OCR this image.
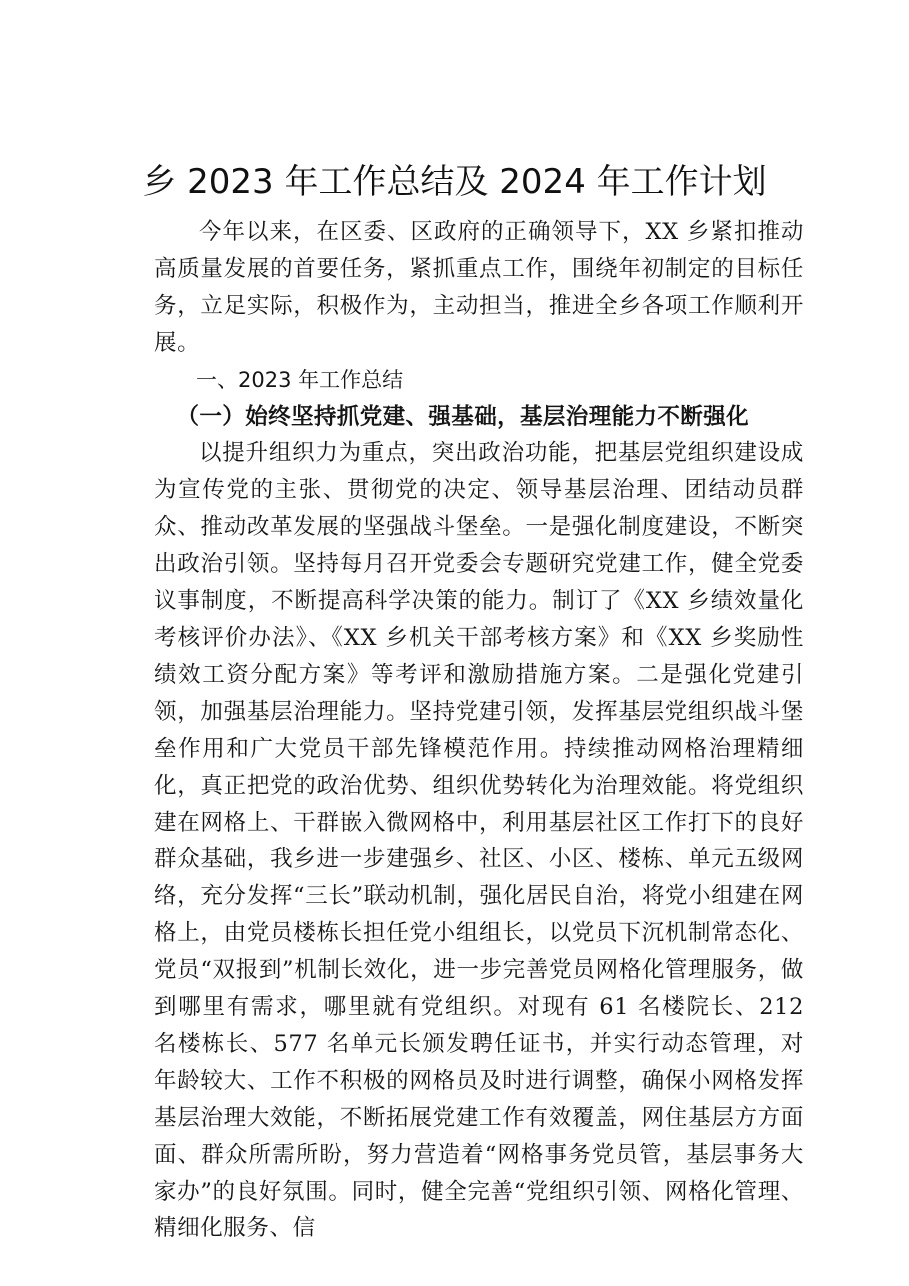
乡 2023 年工作总结及 2024 年工作计划

今年以来，在区委、区政府的正确领导下，XX 乡紧扣推动高质量发展的首要任务，紧抓重点工作，围绕年初制定的目标任务，立足实际，积极作为，主动担当，推进全乡各项工作顺利开展。

一、2023 年工作总结

（一）始终坚持抓党建、强基础，基层治理能力不断强化

以提升组织力为重点，突出政治功能，把基层党组织建设成为宣传党的主张、贯彻党的决定、领导基层治理、团结动员群众、推动改革发展的坚强战斗堡垒。一是强化制度建设，不断突出政治引领。坚持每月召开党委会专题研究党建工作，健全党委议事制度，不断提高科学决策的能力。制订了《XX 乡绩效量化考核评价办法》、《XX 乡机关干部考核方案》和《XX 乡奖励性绩效工资分配方案》等考评和激励措施方案。二是强化党建引领，加强基层治理能力。坚持党建引领，发挥基层党组织战斗堡垒作用和广大党员干部先锋模范作用。持续推动网格治理精细化，真正把党的政治优势、组织优势转化为治理效能。将党组织建在网格上、干群嵌入微网格中，利用基层社区工作打下的良好群众基础，我乡进一步建强乡、社区、小区、楼栋、单元五级网络，充分发挥“三长”联动机制，强化居民自治，将党小组建在网格上，由党员楼栋长担任党小组组长，以党员下沉机制常态化、党员“双报到”机制长效化，进一步完善党员网格化管理服务，做到哪里有需求，哪里就有党组织。对现有 61 名楼院长、212 名楼栋长、577 名单元长颁发聘任证书，并实行动态管理，对年龄较大、工作不积极的网格员及时进行调整，确保小网格发挥基层治理大效能，不断拓展党建工作有效覆盖，网住基层方方面面、群众所需所盼，努力营造着“网格事务党员管，基层事务大家办”的良好氛围。同时，健全完善“党组织引领、网格化管理、精细化服务、信
